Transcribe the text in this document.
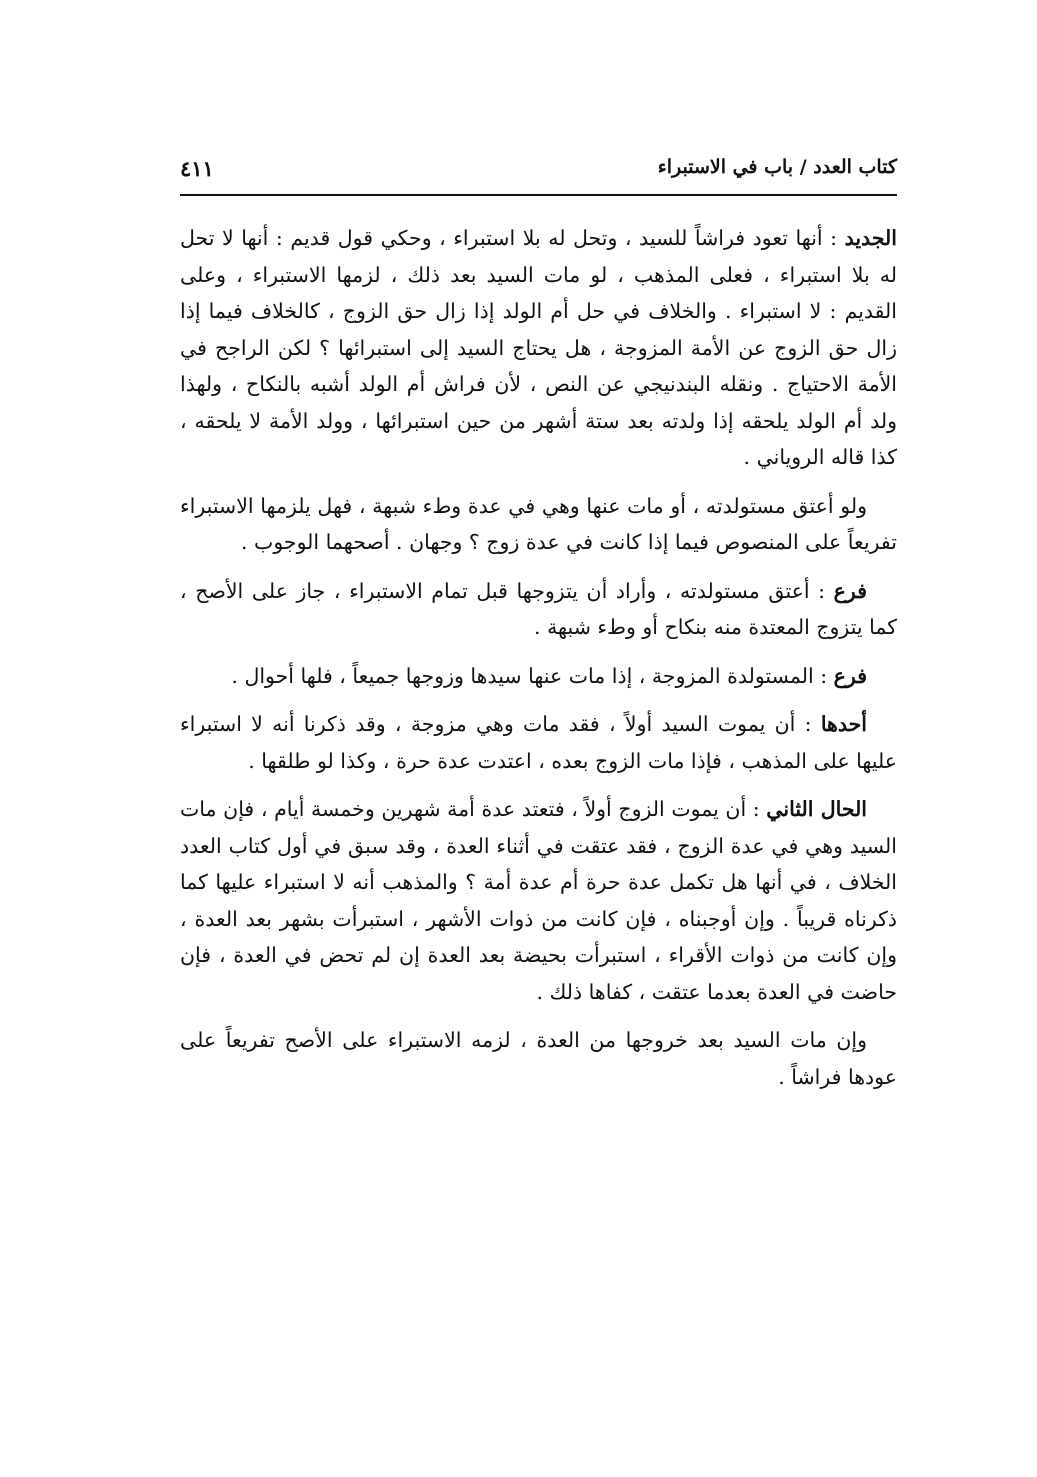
كتاب العدد / باب في الاستبراء
٤١١

الجديد : أنها تعود فراشاً للسيد ، وتحل له بلا استبراء ، وحكي قول قديم : أنها لا تحل له بلا استبراء ، فعلى المذهب ، لو مات السيد بعد ذلك ، لزمها الاستبراء ، وعلى القديم : لا استبراء . والخلاف في حل أم الولد إذا زال حق الزوج ، كالخلاف فيما إذا زال حق الزوج عن الأمة المزوجة ، هل يحتاج السيد إلى استبرائها ؟ لكن الراجح في الأمة الاحتياج . ونقله البندنيجي عن النص ، لأن فراش أم الولد أشبه بالنكاح ، ولهذا ولد أم الولد يلحقه إذا ولدته بعد ستة أشهر من حين استبرائها ، وولد الأمة لا يلحقه ، كذا قاله الروياني .

ولو أعتق مستولدته ، أو مات عنها وهي في عدة وطء شبهة ، فهل يلزمها الاستبراء تفريعاً على المنصوص فيما إذا كانت في عدة زوج ؟ وجهان . أصحهما الوجوب .

فرع : أعتق مستولدته ، وأراد أن يتزوجها قبل تمام الاستبراء ، جاز على الأصح ، كما يتزوج المعتدة منه بنكاح أو وطء شبهة .

فرع : المستولدة المزوجة ، إذا مات عنها سيدها وزوجها جميعاً ، فلها أحوال .

أحدها : أن يموت السيد أولاً ، فقد مات وهي مزوجة ، وقد ذكرنا أنه لا استبراء عليها على المذهب ، فإذا مات الزوج بعده ، اعتدت عدة حرة ، وكذا لو طلقها .

الحال الثاني : أن يموت الزوج أولاً ، فتعتد عدة أمة شهرين وخمسة أيام ، فإن مات السيد وهي في عدة الزوج ، فقد عتقت في أثناء العدة ، وقد سبق في أول كتاب العدد الخلاف ، في أنها هل تكمل عدة حرة أم عدة أمة ؟ والمذهب أنه لا استبراء عليها كما ذكرناه قريباً . وإن أوجبناه ، فإن كانت من ذوات الأشهر ، استبرأت بشهر بعد العدة ، وإن كانت من ذوات الأقراء ، استبرأت بحيضة بعد العدة إن لم تحض في العدة ، فإن حاضت في العدة بعدما عتقت ، كفاها ذلك .

وإن مات السيد بعد خروجها من العدة ، لزمه الاستبراء على الأصح تفريعاً على عودها فراشاً .
